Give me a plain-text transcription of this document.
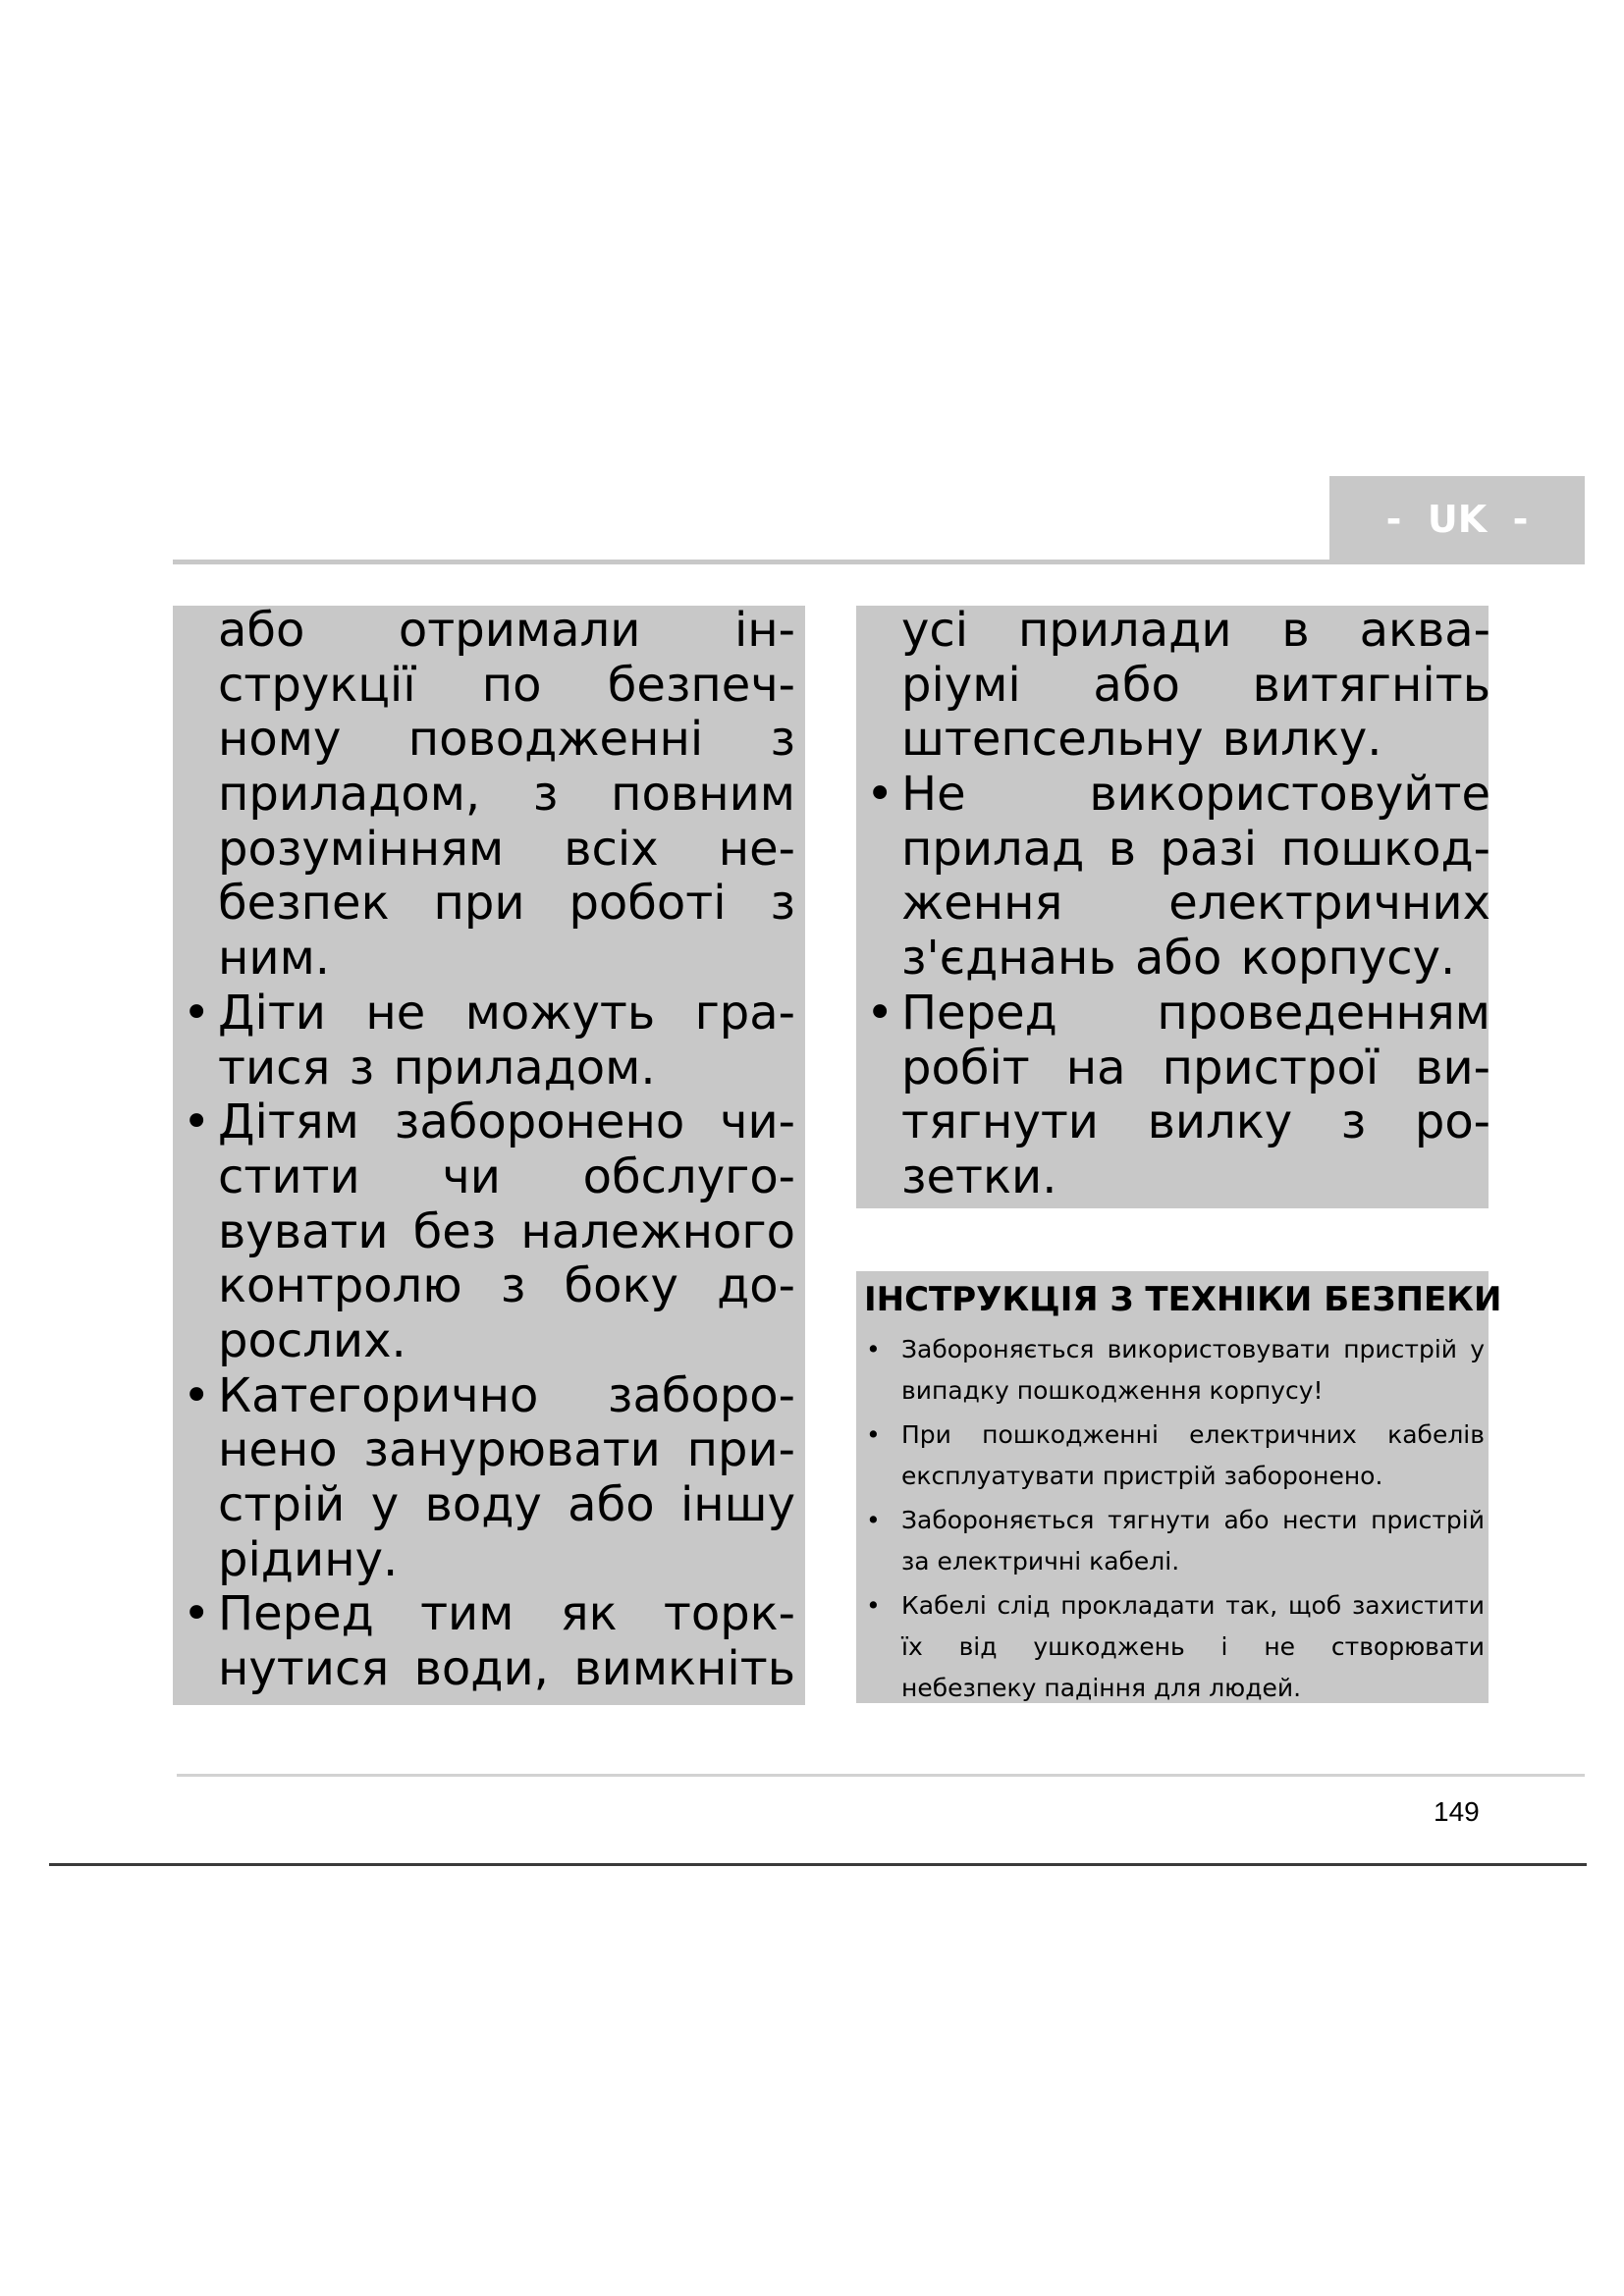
-  UK  -
або отримали ін-
струкції по безпеч-
ному поводженні з
приладом, з повним
розумінням всіх не-
безпек при роботі з
ним.
• Діти не можуть гра-
тися з приладом.
• Дітям заборонено чи-
стити чи обслуго-
вувати без належного
контролю з боку до-
рослих.
• Категорично заборо-
нено занурювати при-
стрій у воду або іншу
рідину.
• Перед тим як торк-
нутися води, вимкніть
усі прилади в аква-
ріумі або витягніть
штепсельну вилку.
• Не використовуйте
прилад в разі пошкод-
ження електричних
з'єднань або корпусу.
• Перед проведенням
робіт на пристрої ви-
тягнути вилку з ро-
зетки.
ІНСТРУКЦІЯ З ТЕХНІКИ БЕЗПЕКИ
• Забороняється використовувати пристрій у випадку пошкодження корпусу!
• При пошкодженні електричних кабелів експлуатувати пристрій заборонено.
• Забороняється тягнути або нести пристрій за електричні кабелі.
• Кабелі слід прокладати так, щоб захистити їх від ушкоджень і не створювати небезпеку падіння для людей.
149
